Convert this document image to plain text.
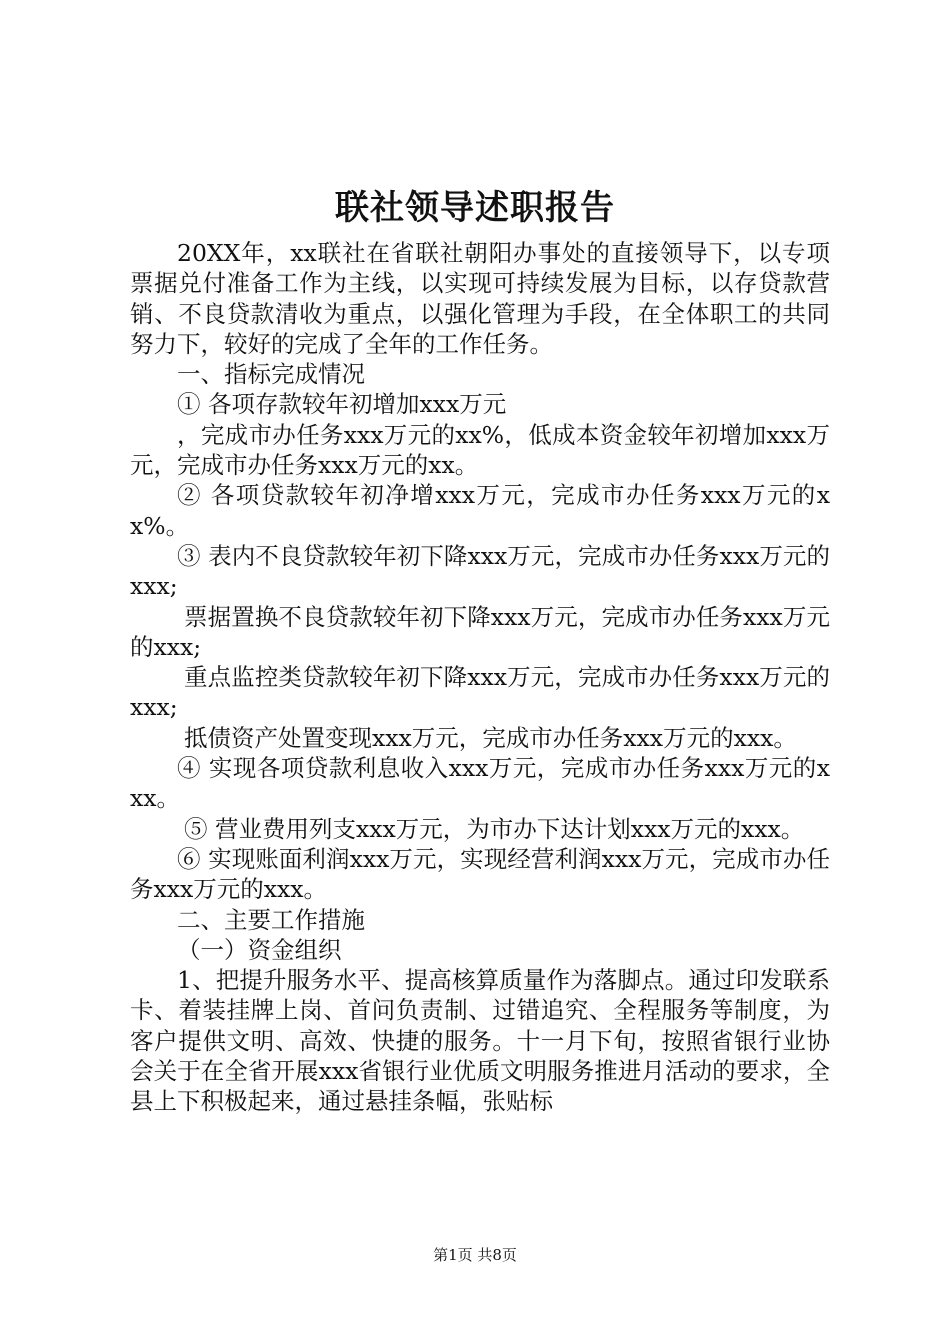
联社领导述职报告

20XX年，xx联社在省联社朝阳办事处的直接领导下，以专项票据兑付准备工作为主线，以实现可持续发展为目标，以存贷款营销、不良贷款清收为重点，以强化管理为手段，在全体职工的共同努力下，较好的完成了全年的工作任务。

一、指标完成情况

① 各项存款较年初增加xxx万元

，完成市办任务xxx万元的xx%，低成本资金较年初增加xxx万元，完成市办任务xxx万元的xx。

② 各项贷款较年初净增xxx万元，完成市办任务xxx万元的xx%。

③ 表内不良贷款较年初下降xxx万元，完成市办任务xxx万元的xxx;

票据置换不良贷款较年初下降xxx万元，完成市办任务xxx万元的xxx;

重点监控类贷款较年初下降xxx万元，完成市办任务xxx万元的xxx;

抵债资产处置变现xxx万元，完成市办任务xxx万元的xxx。

④ 实现各项贷款利息收入xxx万元，完成市办任务xxx万元的xxx。

⑤ 营业费用列支xxx万元，为市办下达计划xxx万元的xxx。

⑥ 实现账面利润xxx万元，实现经营利润xxx万元，完成市办任务xxx万元的xxx。

二、主要工作措施

（一）资金组织

1、把提升服务水平、提高核算质量作为落脚点。通过印发联系卡、着装挂牌上岗、首问负责制、过错追究、全程服务等制度，为客户提供文明、高效、快捷的服务。十一月下旬，按照省银行业协会关于在全省开展xxx省银行业优质文明服务推进月活动的要求，全县上下积极起来，通过悬挂条幅，张贴标

第1页 共8页
